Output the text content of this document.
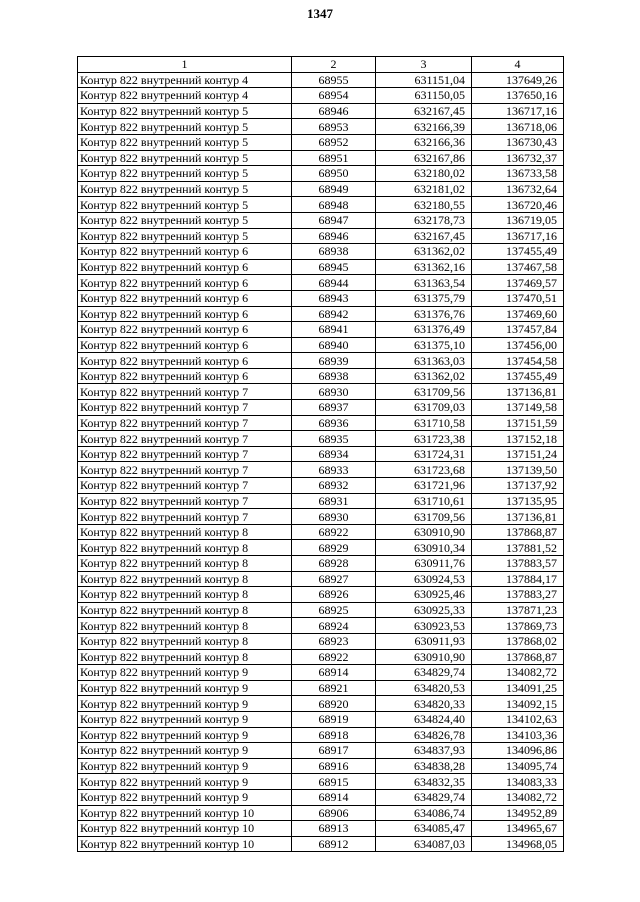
1347
1	2	3	4
Контур 822 внутренний контур 4	68955	631151,04	137649,26
Контур 822 внутренний контур 4	68954	631150,05	137650,16
Контур 822 внутренний контур 5	68946	632167,45	136717,16
Контур 822 внутренний контур 5	68953	632166,39	136718,06
Контур 822 внутренний контур 5	68952	632166,36	136730,43
Контур 822 внутренний контур 5	68951	632167,86	136732,37
Контур 822 внутренний контур 5	68950	632180,02	136733,58
Контур 822 внутренний контур 5	68949	632181,02	136732,64
Контур 822 внутренний контур 5	68948	632180,55	136720,46
Контур 822 внутренний контур 5	68947	632178,73	136719,05
Контур 822 внутренний контур 5	68946	632167,45	136717,16
Контур 822 внутренний контур 6	68938	631362,02	137455,49
Контур 822 внутренний контур 6	68945	631362,16	137467,58
Контур 822 внутренний контур 6	68944	631363,54	137469,57
Контур 822 внутренний контур 6	68943	631375,79	137470,51
Контур 822 внутренний контур 6	68942	631376,76	137469,60
Контур 822 внутренний контур 6	68941	631376,49	137457,84
Контур 822 внутренний контур 6	68940	631375,10	137456,00
Контур 822 внутренний контур 6	68939	631363,03	137454,58
Контур 822 внутренний контур 6	68938	631362,02	137455,49
Контур 822 внутренний контур 7	68930	631709,56	137136,81
Контур 822 внутренний контур 7	68937	631709,03	137149,58
Контур 822 внутренний контур 7	68936	631710,58	137151,59
Контур 822 внутренний контур 7	68935	631723,38	137152,18
Контур 822 внутренний контур 7	68934	631724,31	137151,24
Контур 822 внутренний контур 7	68933	631723,68	137139,50
Контур 822 внутренний контур 7	68932	631721,96	137137,92
Контур 822 внутренний контур 7	68931	631710,61	137135,95
Контур 822 внутренний контур 7	68930	631709,56	137136,81
Контур 822 внутренний контур 8	68922	630910,90	137868,87
Контур 822 внутренний контур 8	68929	630910,34	137881,52
Контур 822 внутренний контур 8	68928	630911,76	137883,57
Контур 822 внутренний контур 8	68927	630924,53	137884,17
Контур 822 внутренний контур 8	68926	630925,46	137883,27
Контур 822 внутренний контур 8	68925	630925,33	137871,23
Контур 822 внутренний контур 8	68924	630923,53	137869,73
Контур 822 внутренний контур 8	68923	630911,93	137868,02
Контур 822 внутренний контур 8	68922	630910,90	137868,87
Контур 822 внутренний контур 9	68914	634829,74	134082,72
Контур 822 внутренний контур 9	68921	634820,53	134091,25
Контур 822 внутренний контур 9	68920	634820,33	134092,15
Контур 822 внутренний контур 9	68919	634824,40	134102,63
Контур 822 внутренний контур 9	68918	634826,78	134103,36
Контур 822 внутренний контур 9	68917	634837,93	134096,86
Контур 822 внутренний контур 9	68916	634838,28	134095,74
Контур 822 внутренний контур 9	68915	634832,35	134083,33
Контур 822 внутренний контур 9	68914	634829,74	134082,72
Контур 822 внутренний контур 10	68906	634086,74	134952,89
Контур 822 внутренний контур 10	68913	634085,47	134965,67
Контур 822 внутренний контур 10	68912	634087,03	134968,05
